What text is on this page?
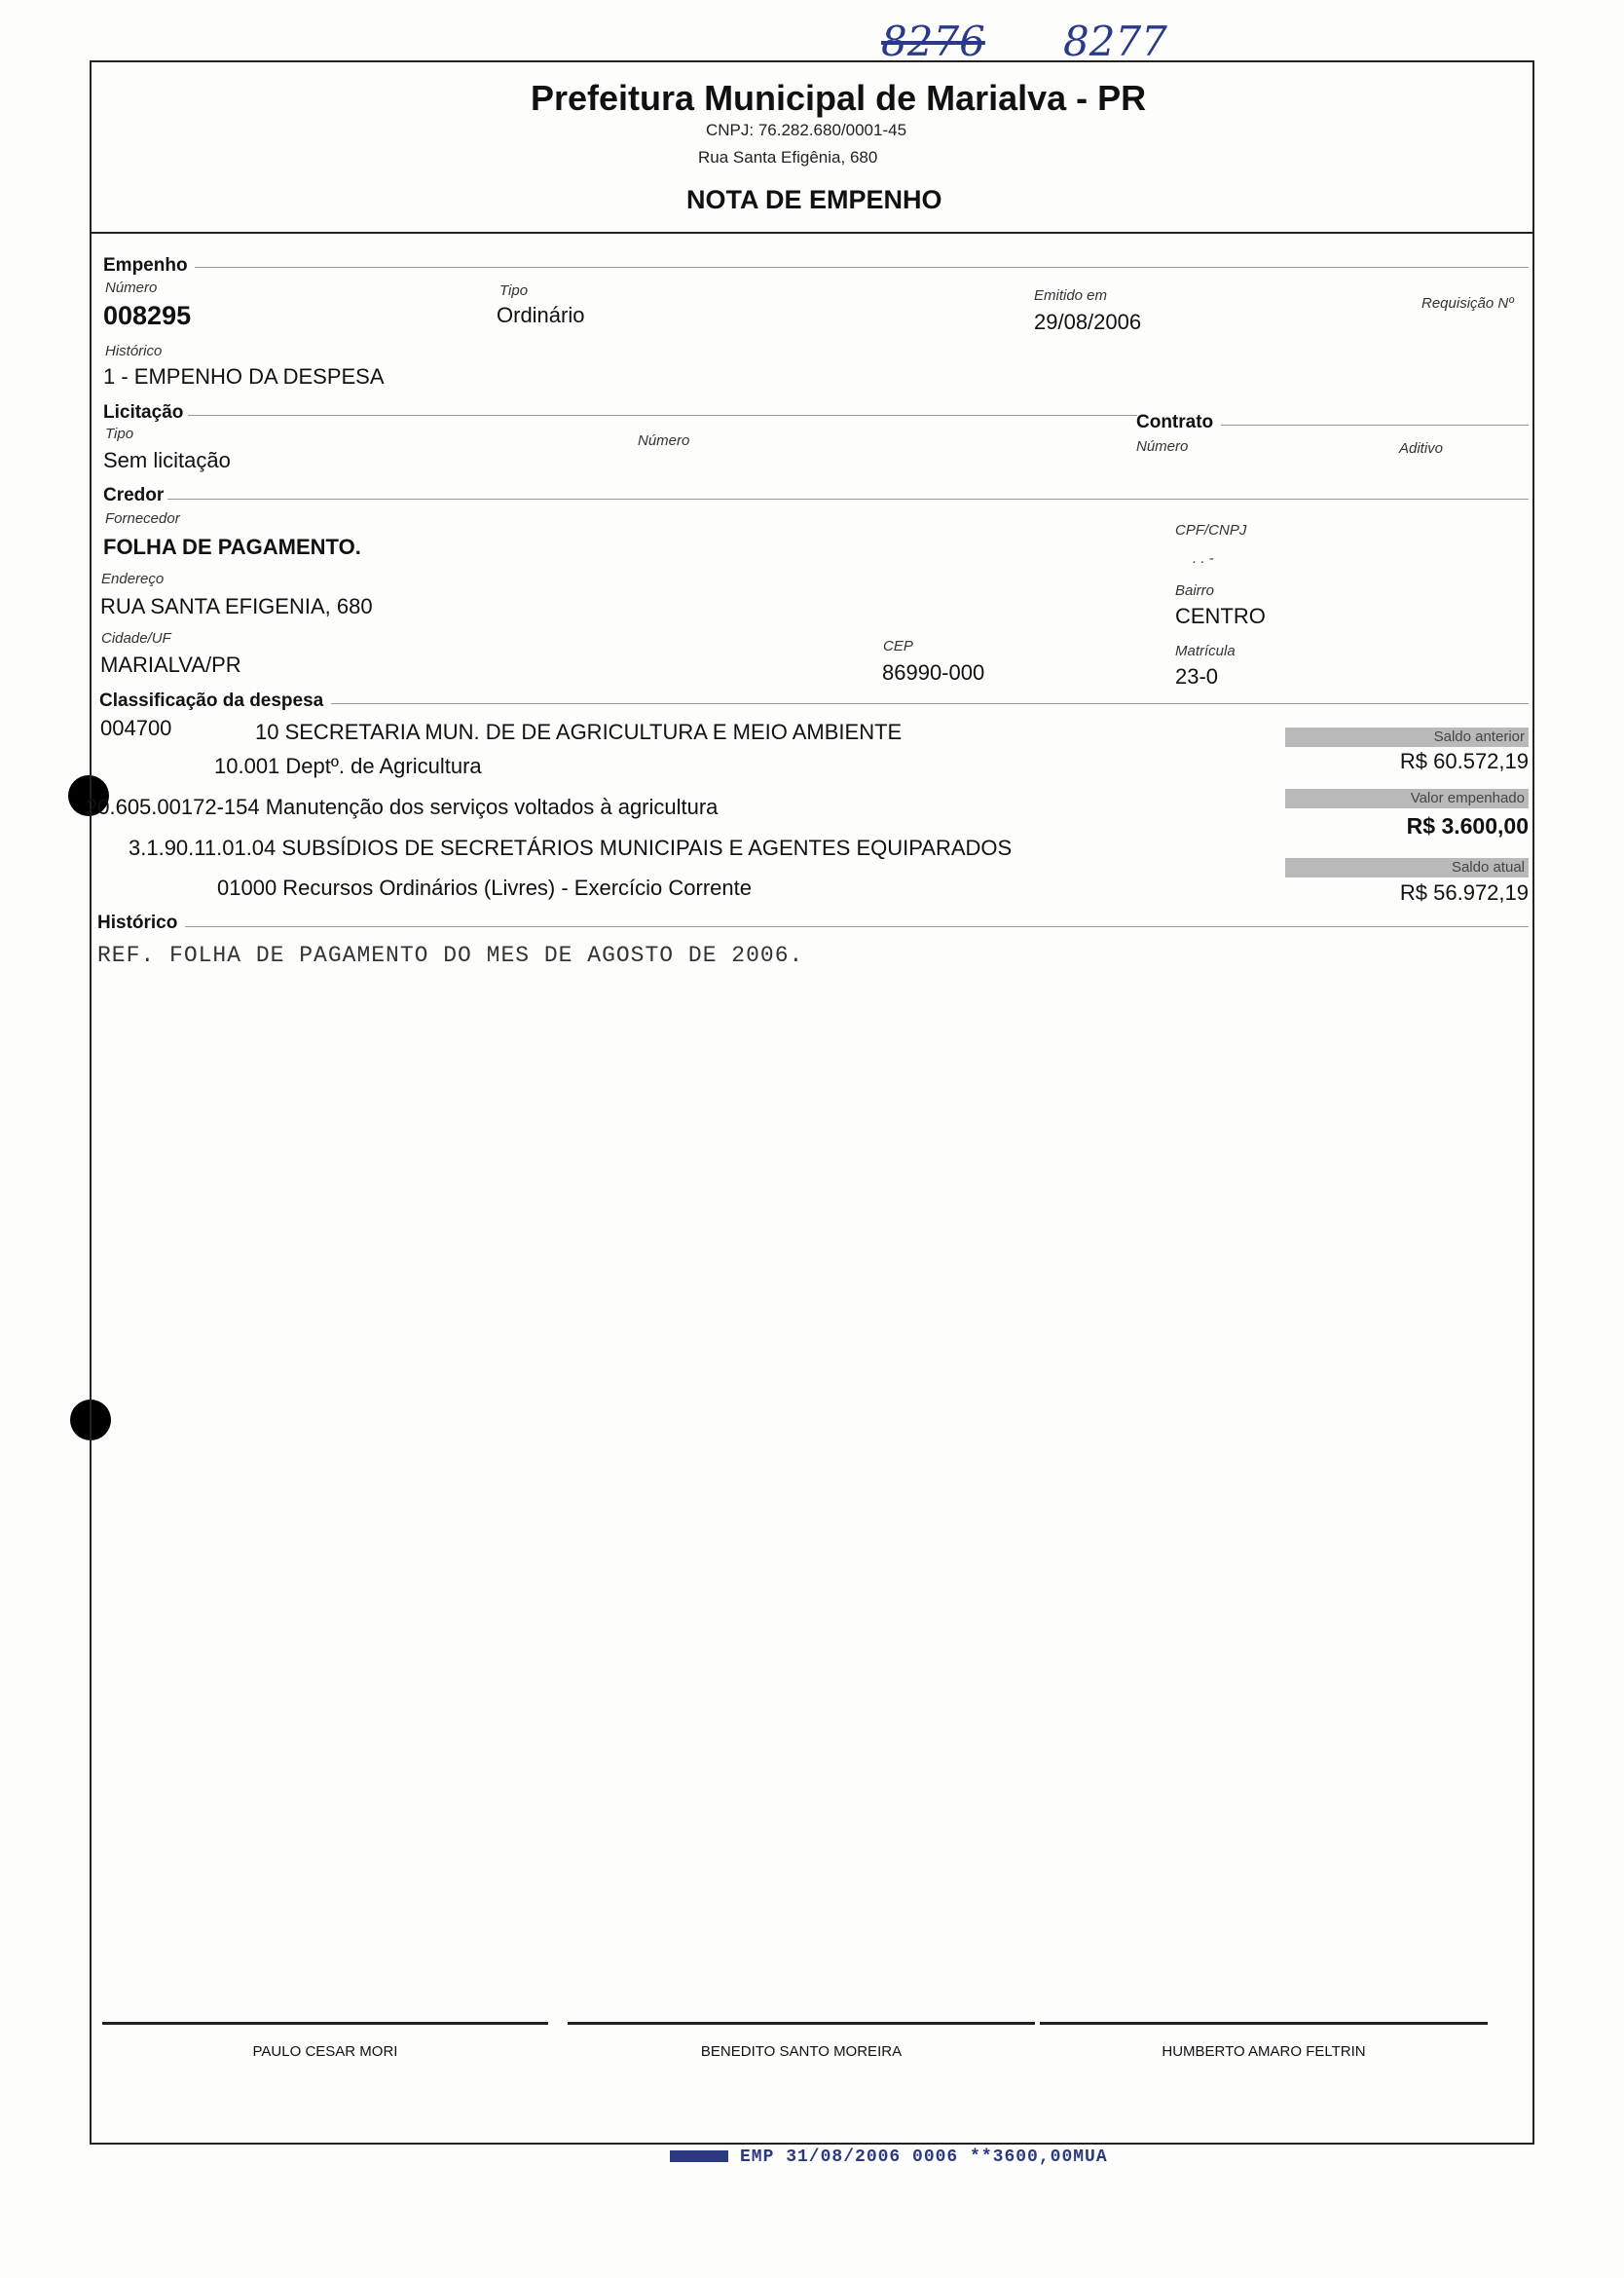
8276 8277
Prefeitura Municipal de Marialva - PR
CNPJ: 76.282.680/0001-45
Rua Santa Efigênia, 680
NOTA DE EMPENHO
Empenho
Número
008295
Tipo
Ordinário
Emitido em
29/08/2006
Requisição Nº
Histórico
1 - EMPENHO DA DESPESA
Licitação
Tipo
Sem licitação
Número
Contrato
Número	Aditivo
Credor
Fornecedor
FOLHA DE PAGAMENTO.
CPF/CNPJ
. . -
Endereço
RUA SANTA EFIGENIA, 680
Bairro
CENTRO
Cidade/UF
MARIALVA/PR
CEP
86990-000
Matrícula
23-0
Classificação da despesa
004700	10 SECRETARIA MUN. DE DE AGRICULTURA E MEIO AMBIENTE
10.001 Deptº. de Agricultura
20.605.00172-154 Manutenção dos serviços voltados à agricultura
3.1.90.11.01.04 SUBSÍDIOS DE SECRETÁRIOS MUNICIPAIS E AGENTES EQUIPARADOS
01000 Recursos Ordinários (Livres) - Exercício Corrente
Saldo anterior
R$ 60.572,19
Valor empenhado
R$ 3.600,00
Saldo atual
R$ 56.972,19
Histórico
REF. FOLHA DE PAGAMENTO DO MES DE AGOSTO DE 2006.
PAULO CESAR MORI	BENEDITO SANTO MOREIRA	HUMBERTO AMARO FELTRIN
EMP 31/08/2006 0006 **3600,00MUA
